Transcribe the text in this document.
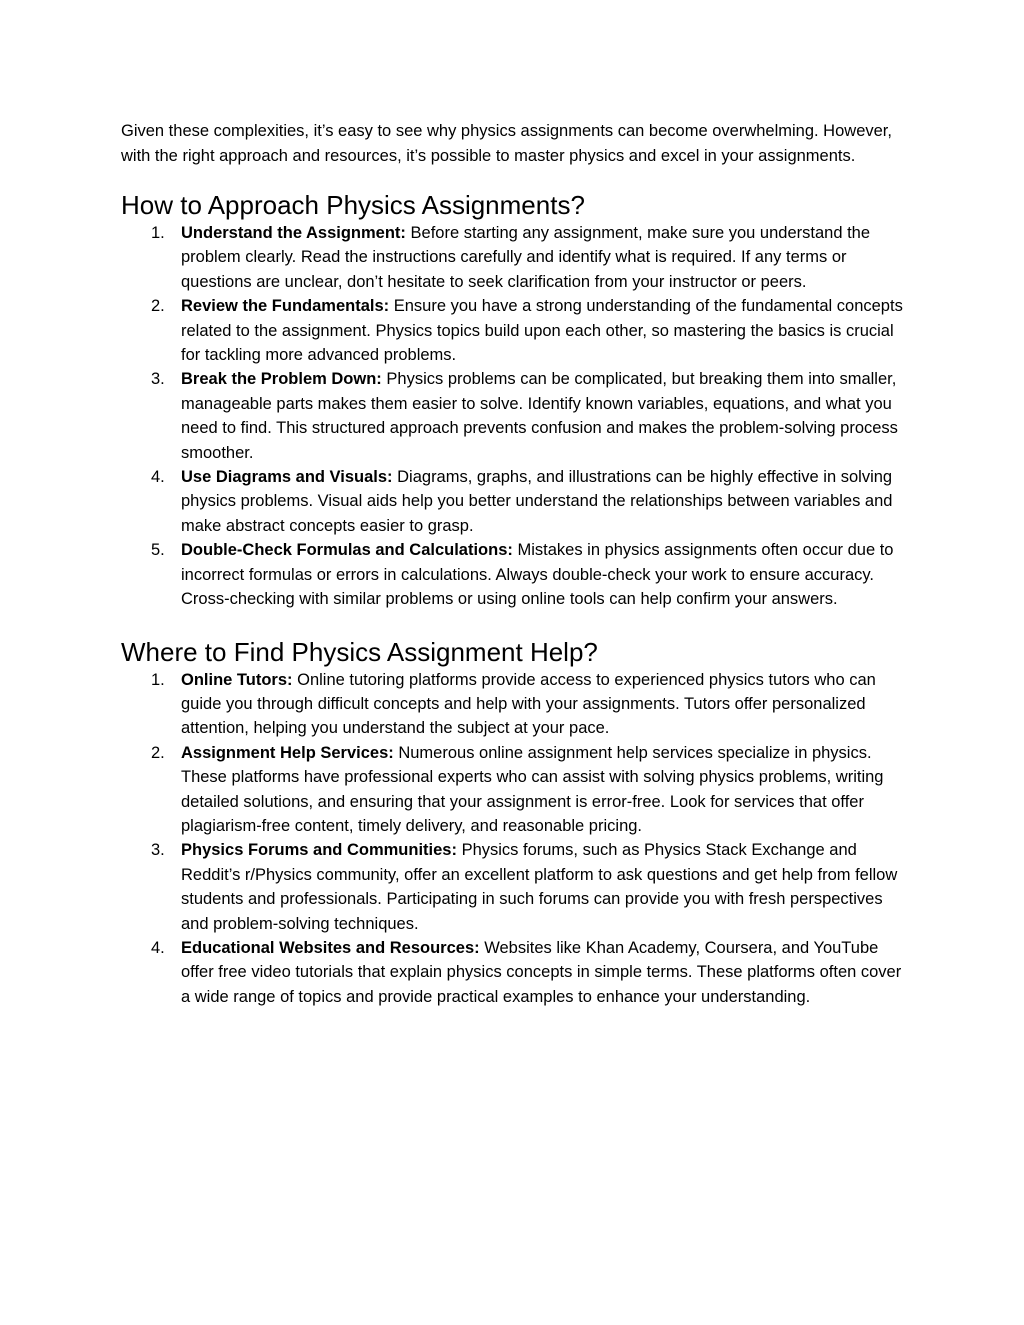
Given these complexities, it’s easy to see why physics assignments can become overwhelming. However, with the right approach and resources, it’s possible to master physics and excel in your assignments.

How to Approach Physics Assignments?
1. Understand the Assignment: Before starting any assignment, make sure you understand the problem clearly. Read the instructions carefully and identify what is required. If any terms or questions are unclear, don’t hesitate to seek clarification from your instructor or peers.
2. Review the Fundamentals: Ensure you have a strong understanding of the fundamental concepts related to the assignment. Physics topics build upon each other, so mastering the basics is crucial for tackling more advanced problems.
3. Break the Problem Down: Physics problems can be complicated, but breaking them into smaller, manageable parts makes them easier to solve. Identify known variables, equations, and what you need to find. This structured approach prevents confusion and makes the problem-solving process smoother.
4. Use Diagrams and Visuals: Diagrams, graphs, and illustrations can be highly effective in solving physics problems. Visual aids help you better understand the relationships between variables and make abstract concepts easier to grasp.
5. Double-Check Formulas and Calculations: Mistakes in physics assignments often occur due to incorrect formulas or errors in calculations. Always double-check your work to ensure accuracy. Cross-checking with similar problems or using online tools can help confirm your answers.
Where to Find Physics Assignment Help?
1. Online Tutors: Online tutoring platforms provide access to experienced physics tutors who can guide you through difficult concepts and help with your assignments. Tutors offer personalized attention, helping you understand the subject at your pace.
2. Assignment Help Services: Numerous online assignment help services specialize in physics. These platforms have professional experts who can assist with solving physics problems, writing detailed solutions, and ensuring that your assignment is error-free. Look for services that offer plagiarism-free content, timely delivery, and reasonable pricing.
3. Physics Forums and Communities: Physics forums, such as Physics Stack Exchange and Reddit’s r/Physics community, offer an excellent platform to ask questions and get help from fellow students and professionals. Participating in such forums can provide you with fresh perspectives and problem-solving techniques.
4. Educational Websites and Resources: Websites like Khan Academy, Coursera, and YouTube offer free video tutorials that explain physics concepts in simple terms. These platforms often cover a wide range of topics and provide practical examples to enhance your understanding.
